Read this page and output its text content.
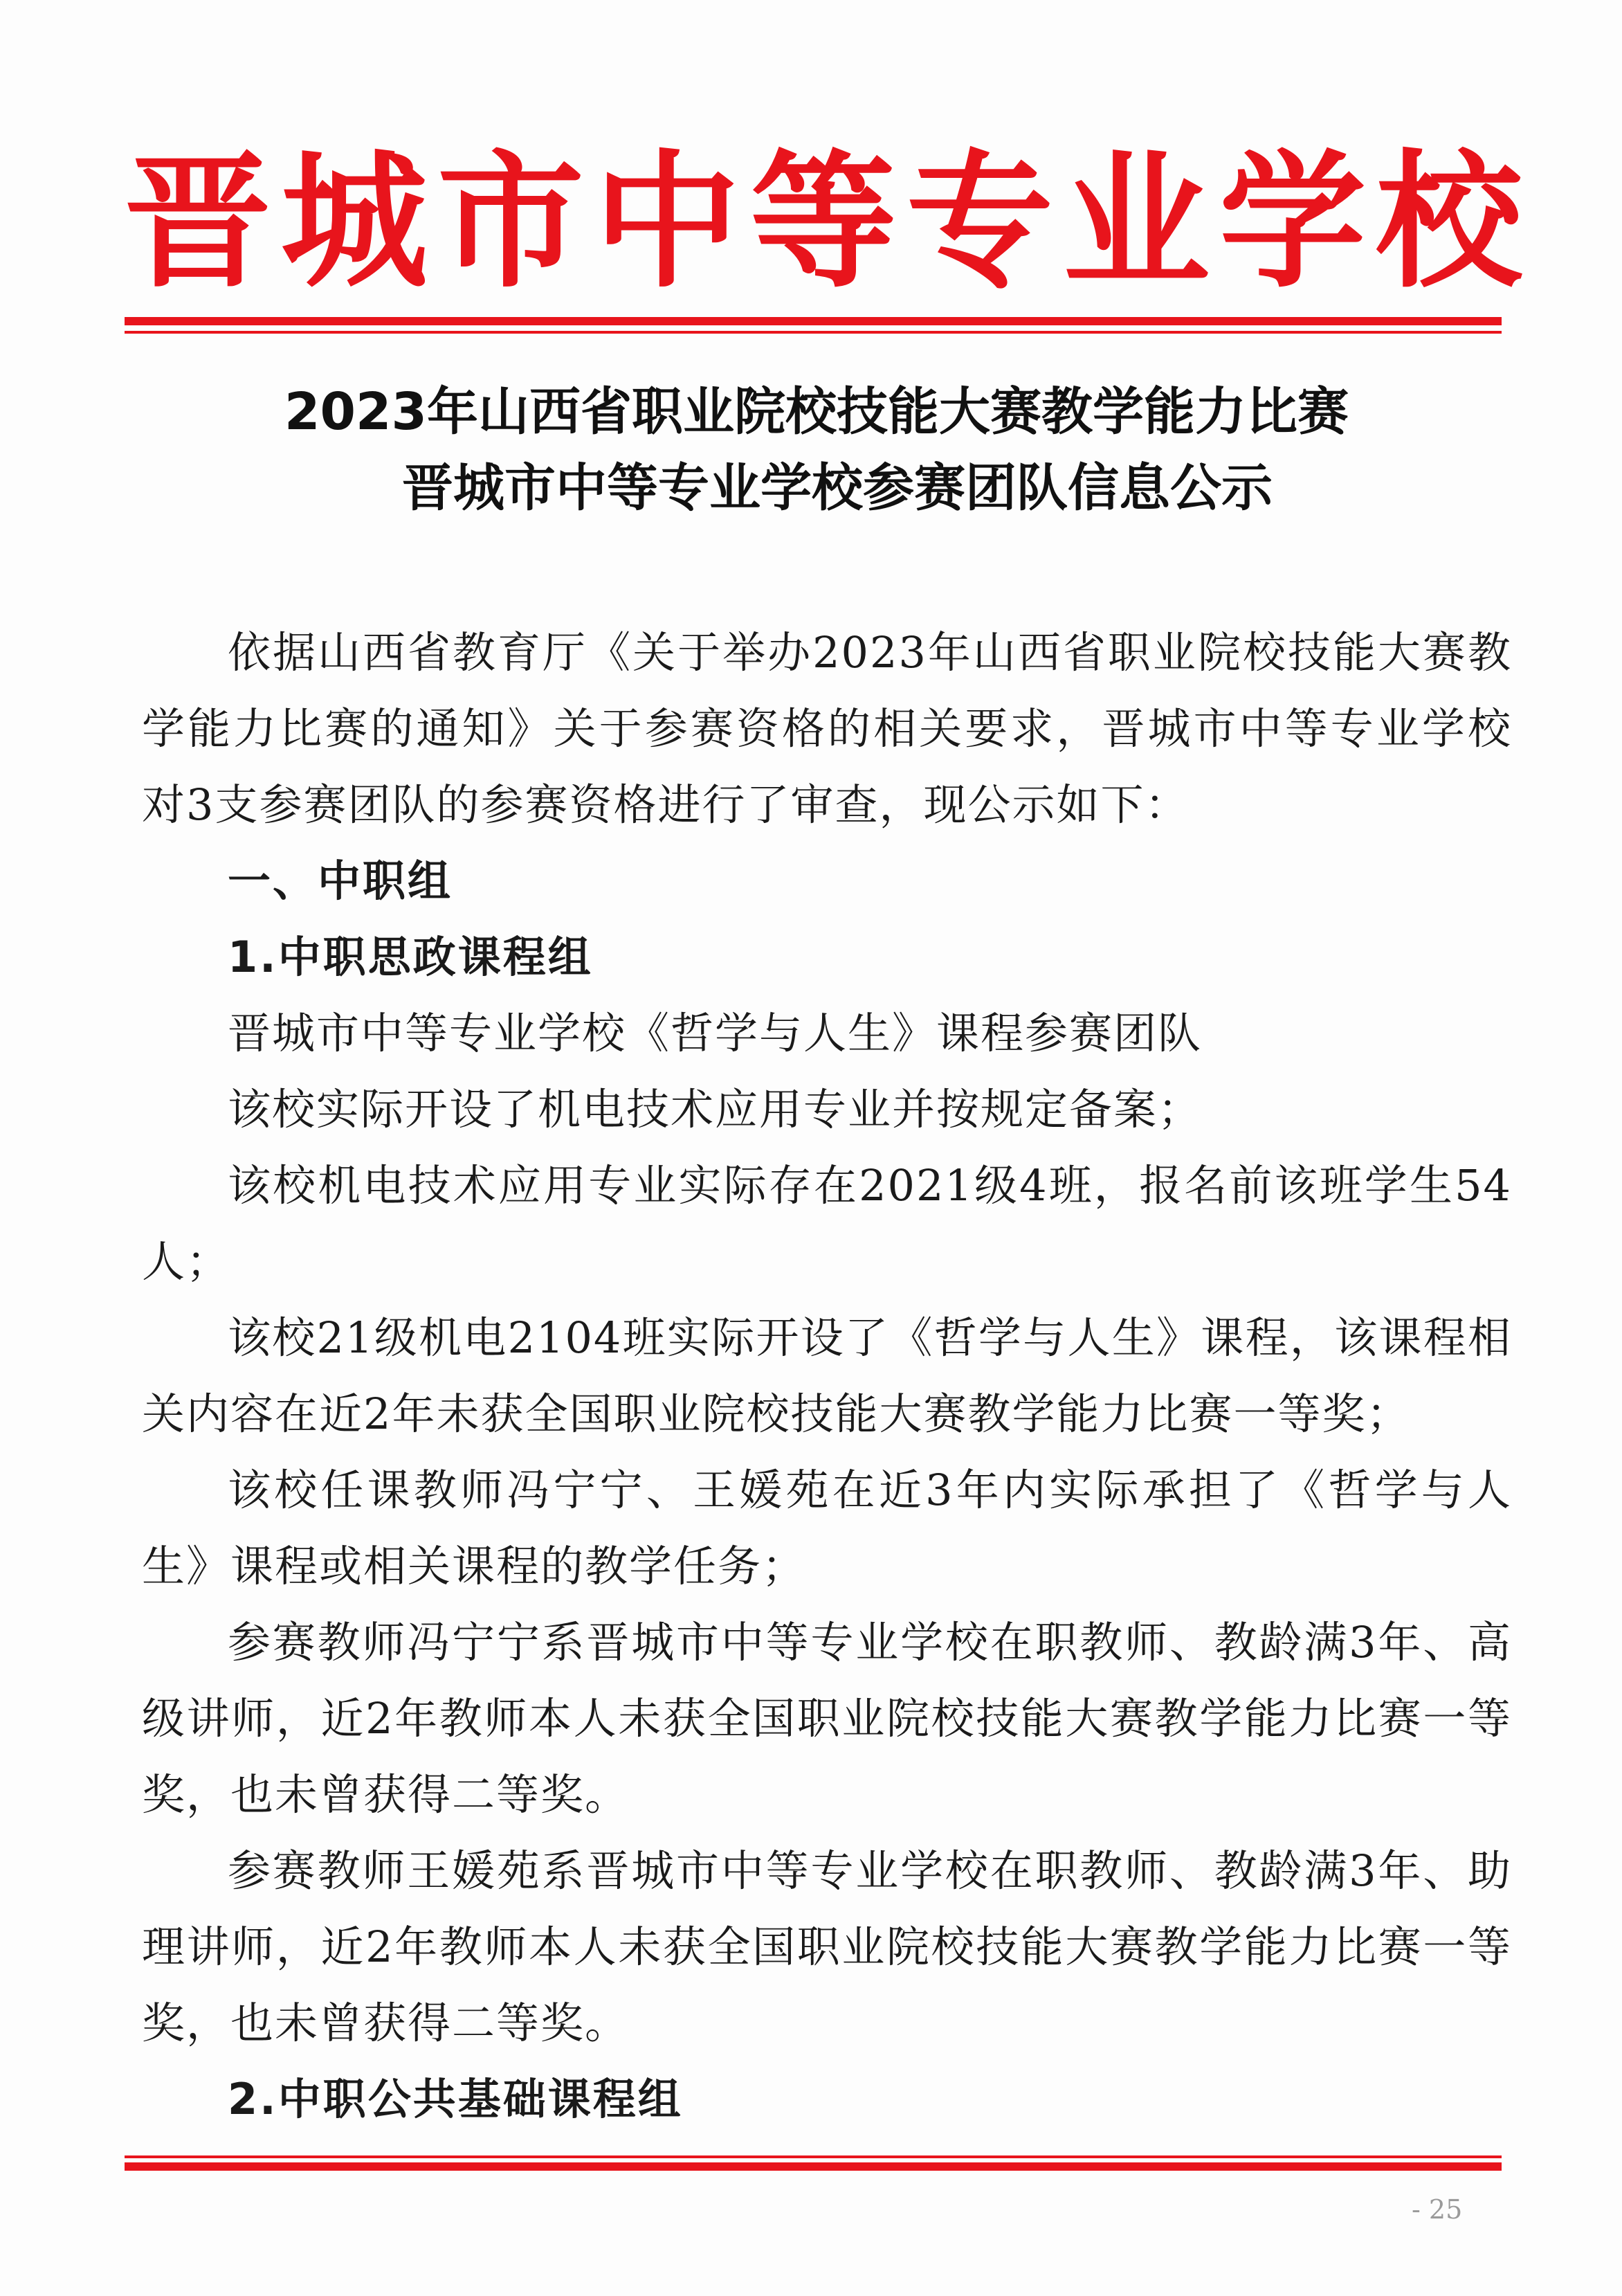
晋城市中等专业学校
2023年山西省职业院校技能大赛教学能力比赛
晋城市中等专业学校参赛团队信息公示

依据山西省教育厅《关于举办2023年山西省职业院校技能大赛教学能力比赛的通知》关于参赛资格的相关要求，晋城市中等专业学校对3支参赛团队的参赛资格进行了审查，现公示如下：

一、中职组

1.中职思政课程组

晋城市中等专业学校《哲学与人生》课程参赛团队

该校实际开设了机电技术应用专业并按规定备案；

该校机电技术应用专业实际存在2021级4班，报名前该班学生54人；

该校21级机电2104班实际开设了《哲学与人生》课程，该课程相关内容在近2年未获全国职业院校技能大赛教学能力比赛一等奖；

该校任课教师冯宁宁、王媛苑在近3年内实际承担了《哲学与人生》课程或相关课程的教学任务；

参赛教师冯宁宁系晋城市中等专业学校在职教师、教龄满3年、高级讲师，近2年教师本人未获全国职业院校技能大赛教学能力比赛一等奖，也未曾获得二等奖。

参赛教师王媛苑系晋城市中等专业学校在职教师、教龄满3年、助理讲师，近2年教师本人未获全国职业院校技能大赛教学能力比赛一等奖，也未曾获得二等奖。

2.中职公共基础课程组

- 25
